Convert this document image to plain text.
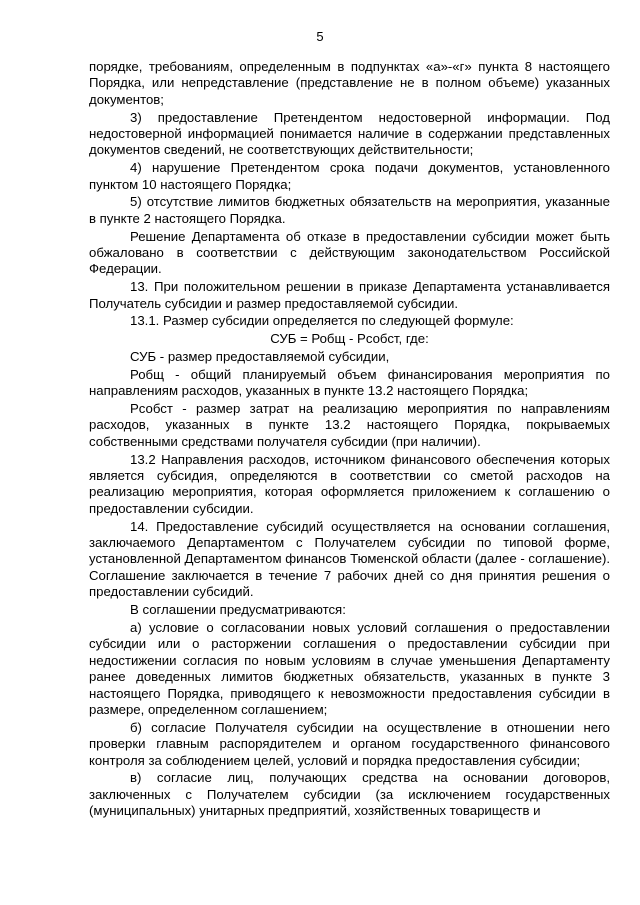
5

порядке, требованиям, определенным в подпунктах «а»-«г» пункта 8 настоящего Порядка, или непредставление (представление не в полном объеме) указанных документов;

3) предоставление Претендентом недостоверной информации. Под недостоверной информацией понимается наличие в содержании представленных документов сведений, не соответствующих действительности;

4) нарушение Претендентом срока подачи документов, установленного пунктом 10 настоящего Порядка;

5) отсутствие лимитов бюджетных обязательств на мероприятия, указанные в пункте 2 настоящего Порядка.

Решение Департамента об отказе в предоставлении субсидии может быть обжаловано в соответствии с действующим законодательством Российской Федерации.

13. При положительном решении в приказе Департамента устанавливается Получатель субсидии и размер предоставляемой субсидии.

13.1. Размер субсидии определяется по следующей формуле:

СУБ = Робщ - Рсобст, где:

СУБ - размер предоставляемой субсидии,

Робщ - общий планируемый объем финансирования мероприятия по направлениям расходов, указанных в пункте 13.2 настоящего Порядка;

Рсобст - размер затрат на реализацию мероприятия по направлениям расходов, указанных в пункте 13.2 настоящего Порядка, покрываемых собственными средствами получателя субсидии (при наличии).

13.2 Направления расходов, источником финансового обеспечения которых является субсидия, определяются в соответствии со сметой расходов на реализацию мероприятия, которая оформляется приложением к соглашению о предоставлении субсидии.

14. Предоставление субсидий осуществляется на основании соглашения, заключаемого Департаментом с Получателем субсидии по типовой форме, установленной Департаментом финансов Тюменской области (далее - соглашение). Соглашение заключается в течение 7 рабочих дней со дня принятия решения о предоставлении субсидий.

В соглашении предусматриваются:

а) условие о согласовании новых условий соглашения о предоставлении субсидии или о расторжении соглашения о предоставлении субсидии при недостижении согласия по новым условиям в случае уменьшения Департаменту ранее доведенных лимитов бюджетных обязательств, указанных в пункте 3 настоящего Порядка, приводящего к невозможности предоставления субсидии в размере, определенном соглашением;

б) согласие Получателя субсидии на осуществление в отношении него проверки главным распорядителем и органом государственного финансового контроля за соблюдением целей, условий и порядка предоставления субсидии;

в) согласие лиц, получающих средства на основании договоров, заключенных с Получателем субсидии (за исключением государственных (муниципальных) унитарных предприятий, хозяйственных товариществ и
